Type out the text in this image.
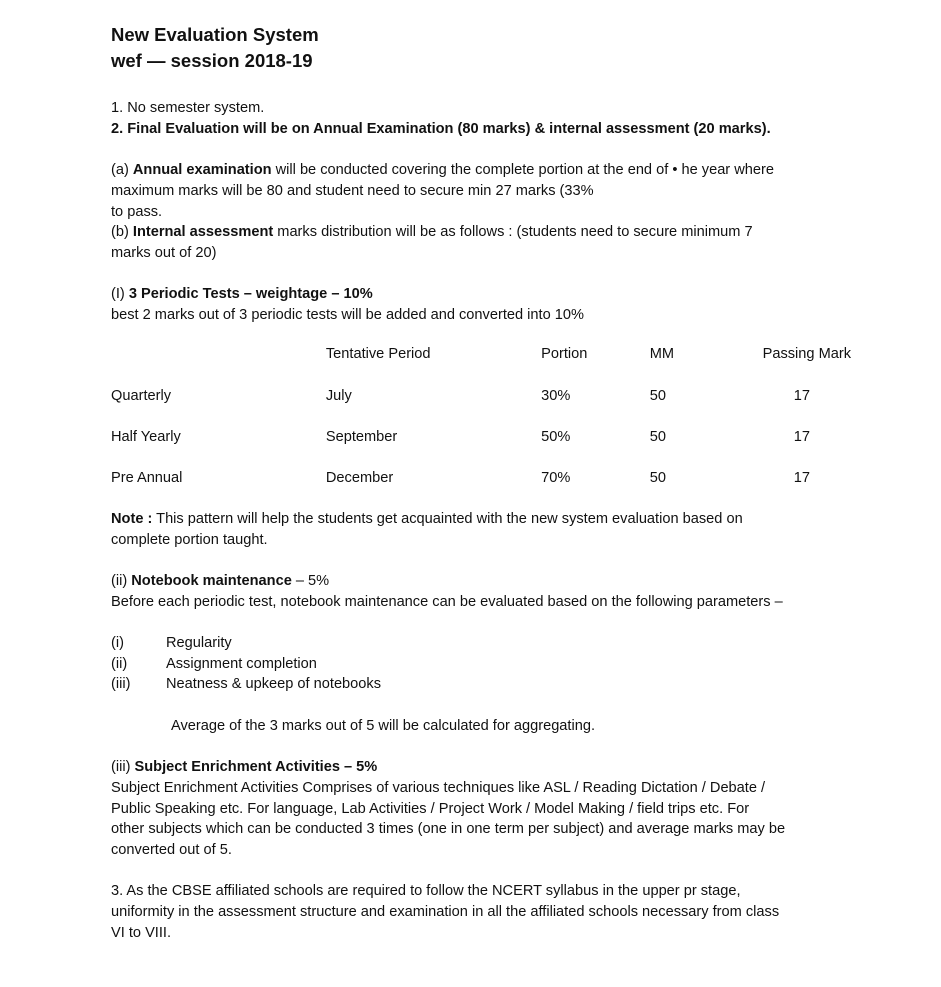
New Evaluation System

wef — session 2018-19

1. No semester system.

2. Final Evaluation will be on Annual Examination (80 marks) & internal assessment (20 marks).

(a) Annual examination will be conducted covering the complete portion at the end of • he year where

maximum marks will be 80 and student need to secure min 27 marks (33%

to pass.

(b) Internal assessment marks distribution will be as follows : (students need to secure minimum 7

marks out of 20)

(I) 3 Periodic Tests – weightage – 10%

best 2 marks out of 3 periodic tests will be added and converted into 10%

	Tentative Period	Portion	MM	Passing Mark
Quarterly	July	30%	50	17
Half Yearly	September	50%	50	17
Pre Annual	December	70%	50	17

Note : This pattern will help the students get acquainted with the new system evaluation based on

complete portion taught.

(ii) Notebook maintenance – 5%

Before each periodic test, notebook maintenance can be evaluated based on the following parameters –

(i)	Regularity
(ii)	Assignment completion
(iii)	Neatness & upkeep of notebooks

Average of the 3 marks out of 5 will be calculated for aggregating.

(iii) Subject Enrichment Activities – 5%

Subject Enrichment Activities Comprises of various techniques like ASL / Reading Dictation / Debate /

Public Speaking etc. For language, Lab Activities / Project Work / Model Making / field trips etc. For

other subjects which can be conducted 3 times (one in one term per subject) and average marks may be

converted out of 5.

3. As the CBSE affiliated schools are required to follow the NCERT syllabus in the upper pr stage,

uniformity in the assessment structure and examination in all the affiliated schools necessary from class

VI to VIII.
